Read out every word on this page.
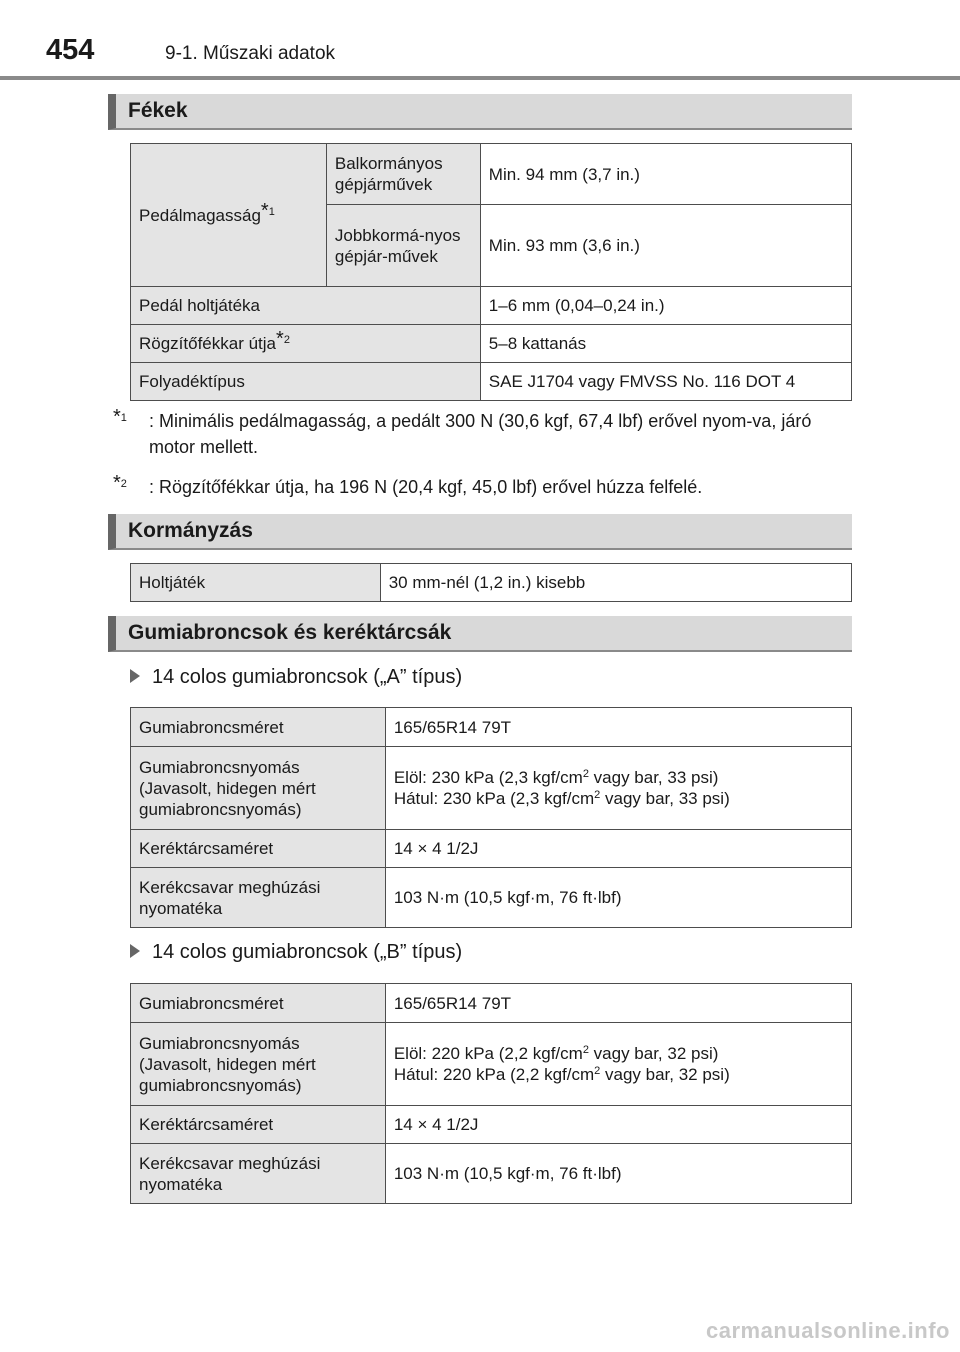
454	9-1. Műszaki adatok
Fékek
Pedálmagasság*$^1$	Balkormányos gépjárművek	Min. 94 mm (3,7 in.)
	Jobbkormá-nyos gépjár-művek	Min. 93 mm (3,6 in.)
Pedál holtjátéka		1–6 mm (0,04–0,24 in.)
Rögzítőfékkar útja*$^2$		5–8 kattanás
Folyadéktípus		SAE J1704 vagy FMVSS No. 116 DOT 4
*$^1$	: Minimális pedálmagasság, a pedált 300 N (30,6 kgf, 67,4 lbf) erővel nyom-va, járó motor mellett.
*$^2$	: Rögzítőfékkar útja, ha 196 N (20,4 kgf, 45,0 lbf) erővel húzza felfelé.
Kormányzás
Holtjáték	30 mm-nél (1,2 in.) kisebb
Gumiabroncsok és keréktárcsák
14 colos gumiabroncsok („A” típus)
Gumiabroncsméret	165/65R14 79T
Gumiabroncsnyomás (Javasolt, hidegen mért gumiabroncsnyomás)	Elöl: 230 kPa (2,3 kgf/$cm^2$ vagy bar, 33 psi)
Hátul: 230 kPa (2,3 kgf/$cm^2$ vagy bar, 33 psi)

Keréktárcsaméret	14 × 4 1/2J
Kerékcsavar meghúzási nyomatéka	103 N·m (10,5 kgf·m, 76 ft·lbf)
14 colos gumiabroncsok („B” típus)
Gumiabroncsméret	165/65R14 79T
Gumiabroncsnyomás (Javasolt, hidegen mért gumiabroncsnyomás)	Elöl: 220 kPa (2,2 kgf/$cm^2$ vagy bar, 32 psi)
Hátul: 220 kPa (2,2 kgf/$cm^2$ vagy bar, 32 psi)

Keréktárcsaméret	14 × 4 1/2J
Kerékcsavar meghúzási nyomatéka	103 N·m (10,5 kgf·m, 76 ft·lbf)
carmanualsonline.info
